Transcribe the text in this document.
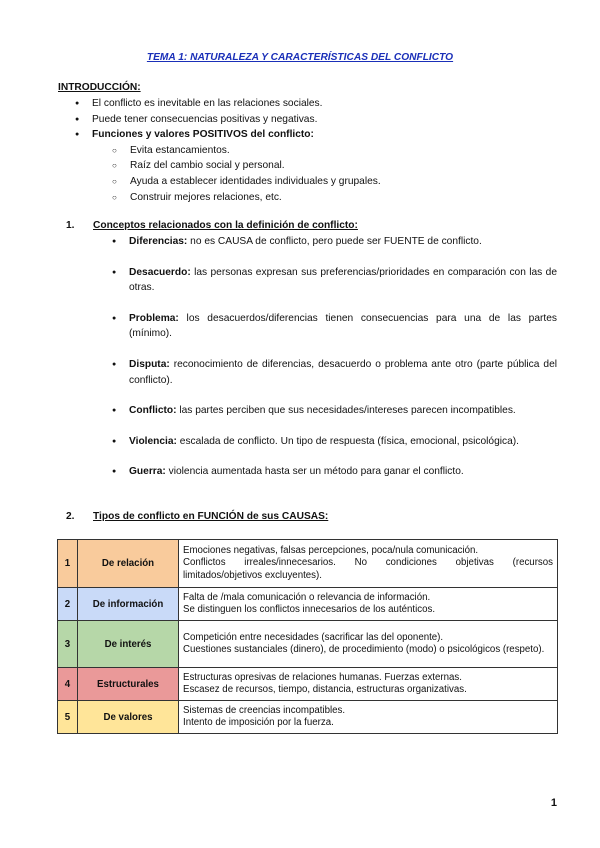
TEMA 1: NATURALEZA Y CARACTERÍSTICAS DEL CONFLICTO
INTRODUCCIÓN:
● El conflicto es inevitable en las relaciones sociales.
● Puede tener consecuencias positivas y negativas.
● Funciones y valores POSITIVOS del conflicto:
○ Evita estancamientos.
○ Raíz del cambio social y personal.
○ Ayuda a establecer identidades individuales y grupales.
○ Construir mejores relaciones, etc.
1. Conceptos relacionados con la definición de conflicto:
● Diferencias: no es CAUSA de conflicto, pero puede ser FUENTE de conflicto.
● Desacuerdo: las personas expresan sus preferencias/prioridades en comparación con las de otras.
● Problema: los desacuerdos/diferencias tienen consecuencias para una de las partes (mínimo).
● Disputa: reconocimiento de diferencias, desacuerdo o problema ante otro (parte pública del conflicto).
● Conflicto: las partes perciben que sus necesidades/intereses parecen incompatibles.
● Violencia: escalada de conflicto. Un tipo de respuesta (física, emocional, psicológica).
● Guerra: violencia aumentada hasta ser un método para ganar el conflicto.
2. Tipos de conflicto en FUNCIÓN de sus CAUSAS:
1	De relación	Emociones negativas, falsas percepciones, poca/nula comunicación.
Conflictos irreales/innecesarios. No condiciones objetivas (recursos limitados/objetivos excluyentes).

2	De información	Falta de /mala comunicación o relevancia de información.
Se distinguen los conflictos innecesarios de los auténticos.

3	De interés	Competición entre necesidades (sacrificar las del oponente).
Cuestiones sustanciales (dinero), de procedimiento (modo) o psicológicos (respeto).

4	Estructurales	Estructuras opresivas de relaciones humanas. Fuerzas externas.
Escasez de recursos, tiempo, distancia, estructuras organizativas.

5	De valores	Sistemas de creencias incompatibles.
Intento de imposición por la fuerza.
1
